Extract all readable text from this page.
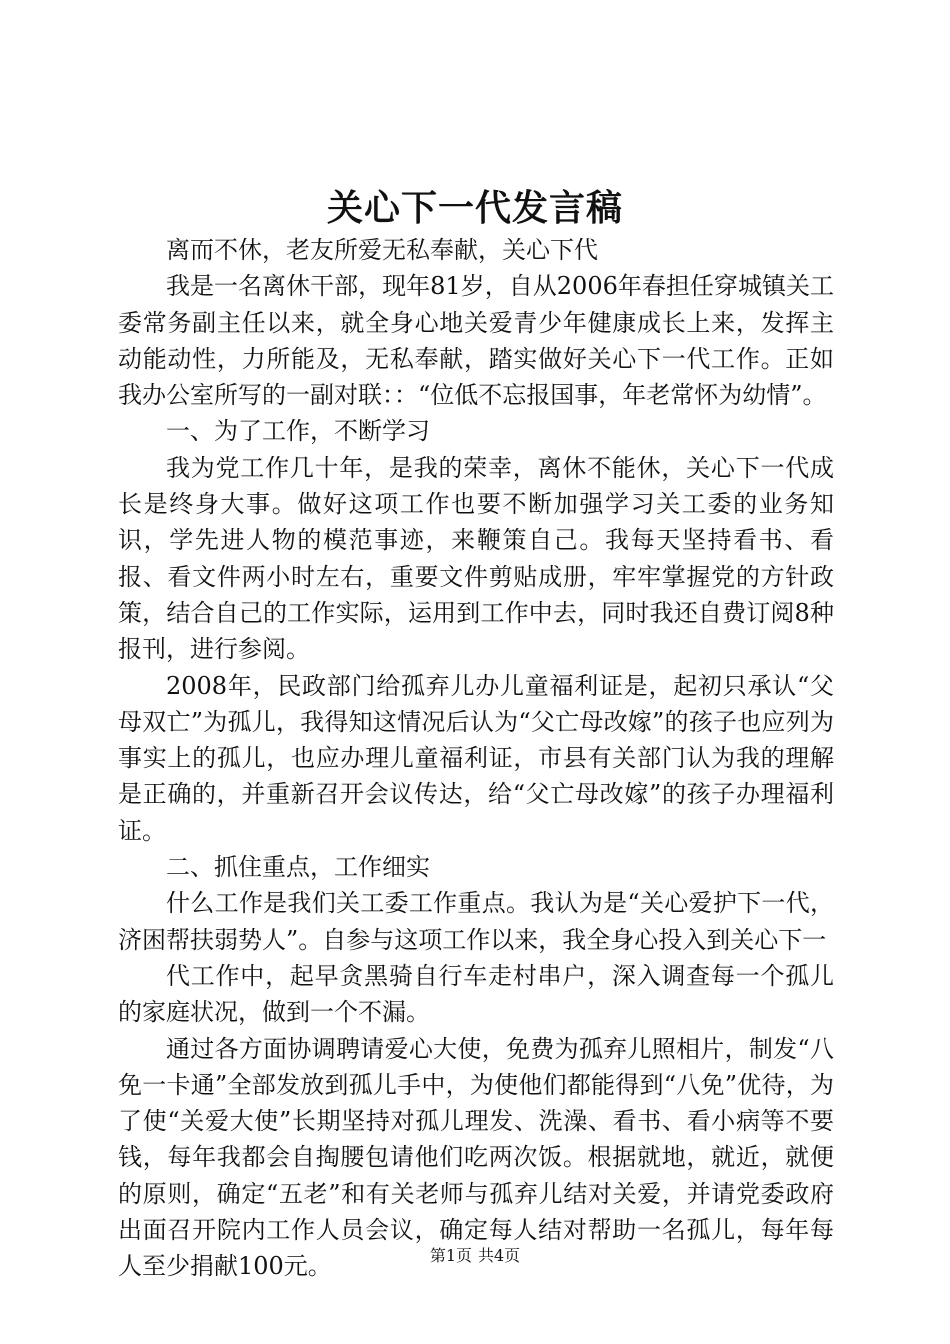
关心下一代发言稿

离而不休，老友所爱无私奉献，关心下代

我是一名离休干部，现年81岁，自从2006年春担任穿城镇关工委常务副主任以来，就全身心地关爱青少年健康成长上来，发挥主动能动性，力所能及，无私奉献，踏实做好关心下一代工作。正如我办公室所写的一副对联：：“位低不忘报国事，年老常怀为幼情”。

一、为了工作，不断学习

我为党工作几十年，是我的荣幸，离休不能休，关心下一代成长是终身大事。做好这项工作也要不断加强学习关工委的业务知识，学先进人物的模范事迹，来鞭策自己。我每天坚持看书、看报、看文件两小时左右，重要文件剪贴成册，牢牢掌握党的方针政策，结合自己的工作实际，运用到工作中去，同时我还自费订阅8种报刊，进行参阅。

2008年，民政部门给孤弃儿办儿童福利证是，起初只承认“父母双亡”为孤儿，我得知这情况后认为“父亡母改嫁”的孩子也应列为事实上的孤儿，也应办理儿童福利证，市县有关部门认为我的理解是正确的，并重新召开会议传达，给“父亡母改嫁”的孩子办理福利证。

二、抓住重点，工作细实

什么工作是我们关工委工作重点。我认为是“关心爱护下一代，济困帮扶弱势人”。自参与这项工作以来，我全身心投入到关心下一

代工作中，起早贪黑骑自行车走村串户，深入调查每一个孤儿的家庭状况，做到一个不漏。

通过各方面协调聘请爱心大使，免费为孤弃儿照相片，制发“八免一卡通”全部发放到孤儿手中，为使他们都能得到“八免”优待，为了使“关爱大使”长期坚持对孤儿理发、洗澡、看书、看小病等不要钱，每年我都会自掏腰包请他们吃两次饭。根据就地，就近，就便的原则，确定“五老”和有关老师与孤弃儿结对关爱，并请党委政府出面召开院内工作人员会议，确定每人结对帮助一名孤儿，每年每人至少捐献100元。	第1页 共4页
